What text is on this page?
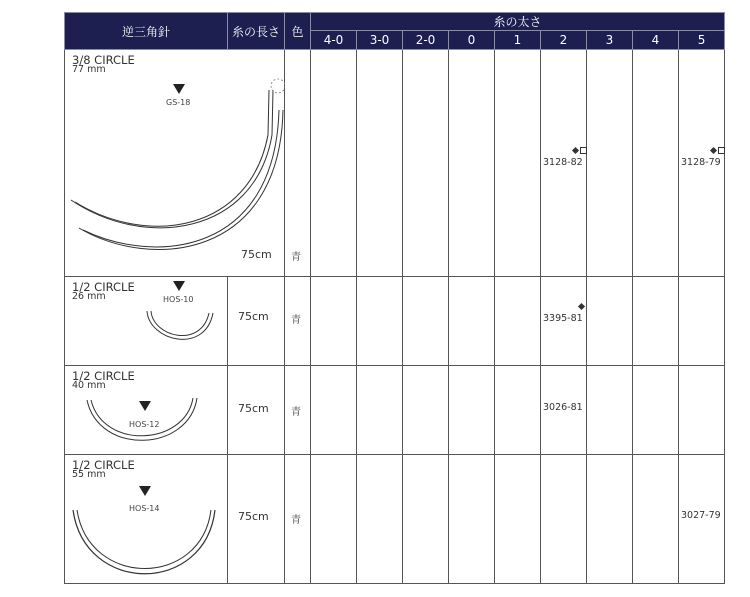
逆三角針	糸の長さ	色	糸の太さ								
			4-0	3-0	2-0	0	1	2	3	4	5

3/8 CIRCLE
77 mm
GS-18
75cm		青						3128-82			3128-79

1/2 CIRCLE
26 mm HOS-10	75cm	青						3395-81			

1/2 CIRCLE
40 mm
HOS-12	75cm	青						3026-81			

1/2 CIRCLE
55 mm
HOS-14	75cm	青									3027-79
